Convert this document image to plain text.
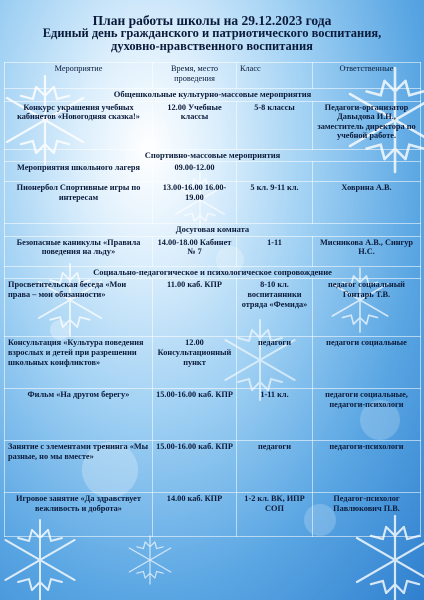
План работы школы на 29.12.2023 года
Единый день гражданского и патриотического воспитания,
духовно-нравственного воспитания
Мероприятие	Время, место проведения	Класс	Ответственные
Общешкольные культурно-массовые мероприятия			
Конкурс украшения учебных кабинетов «Новогодняя сказка!»	12.00 Учебные классы	5-8 классы	Педагоги-организатор Давыдова И.Н., заместитель директора по учебной работе.
Спортивно-массовые мероприятия			
Мероприятия школьного лагеря	09.00-12.00		
Пионербол Спортивные игры по интересам	13.00-16.00 16.00-19.00	5 кл. 9-11 кл.	Ховрина А.В.
Досуговая комната			
Безопасные каникулы «Правила поведения на льду»	14.00-18.00 Кабинет № 7	1-11	Мисникова А.В., Сингур Н.С.
Социально-педагогическое и психологическое сопровождение			
Просветительская беседа «Мои права – мои обязанности»	11.00 каб. КПР	8-10 кл. воспитанники отряда «Фемида»	педагог социальный Гонтарь Т.В.
Консультация «Культура поведения взрослых и детей при разрешении школьных конфликтов»	12.00 Консультационный пункт	педагоги	педагоги социальные
Фильм «На другом берегу»	15.00-16.00 каб. КПР	1-11 кл.	педагоги социальные, педагоги-психологи
Занятие с элементами тренинга «Мы разные, но мы вместе»	15.00-16.00 каб. КПР	педагоги	педагоги-психологи
Игровое занятие «Да здравствует вежливость и доброта»	14.00 каб. КПР	1-2 кл. ВК, ИПР СОП	Педагог-психолог Павлюкович П.В.
